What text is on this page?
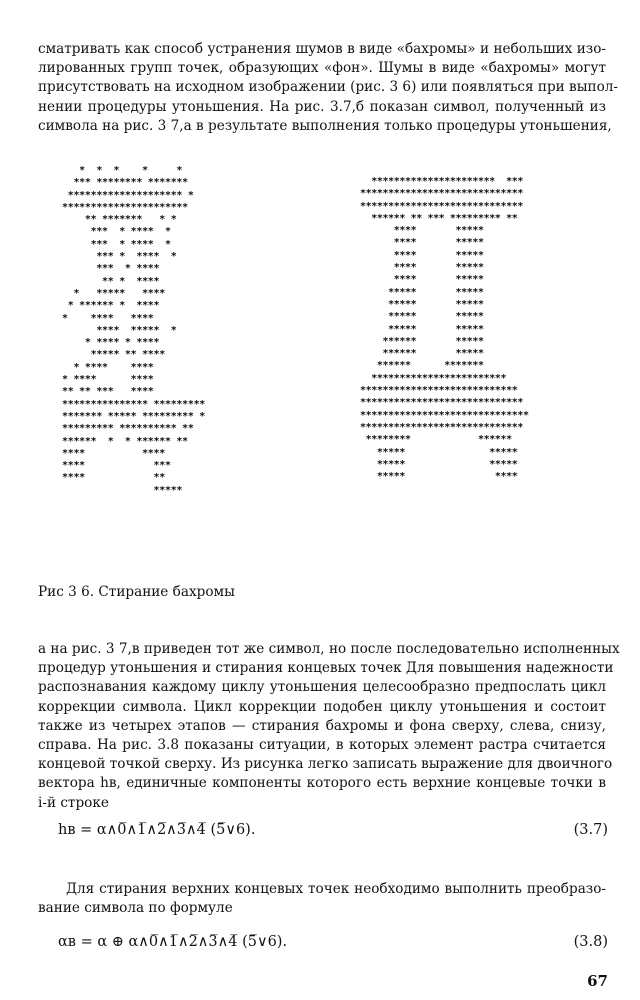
сматривать как способ устранения шумов в виде «бахромы» и небольших изо-
лированных групп точек, образующих «фон». Шумы в виде «бахромы» могут
присутствовать на исходном изображении (рис. 3 6) или появляться при выпол-
нении процедуры утоньшения. На рис. 3.7,б показан символ, полученный из
символа на рис. 3 7,а в результате выполнения только процедуры утоньшения,
*  *  *    *     *
*** ******** *******
******************** *
**********************
** *******   * *
***  * ****  *
***  * ****  *
*** *  ****  *
***  * ****
** *  ****
*   *****   ****
* ****** *  ****
*    ****   ****
****  *****  *
* **** * ****
***** ** ****
* ****    ****
* ****      ****
** ** ***   ****
*************** *********
******* ***** ********* *
********* ********** **
******  *  * ****** **
****          ****
****            ***
****            **
*****
**********************  ***
*****************************
*****************************
****** ** *** ********* **
****       *****
****       *****
****       *****
****       *****
****       *****
*****       *****
*****       *****
*****       *****
*****       *****
******       *****
******       *****
******      *******
************************
****************************
*****************************
******************************
*****************************
********            ******
*****               *****
*****               *****
*****                ****
Рис 3 6. Стирание бахромы
а на рис. 3 7,в приведен тот же символ, но после последовательно исполненных
процедур утоньшения и стирания концевых точек Для повышения надежности
распознавания каждому циклу утоньшения целесообразно предпослать цикл
коррекции символа. Цикл коррекции подобен циклу утоньшения и состоит
также из четырех этапов — стирания бахромы и фона сверху, слева, снизу,
справа. На рис. 3.8 показаны ситуации, в которых элемент растра считается
концевой точкой сверху. Из рисунка легко записать выражение для двоичного
вектора hв, единичные компоненты которого есть верхние концевые точки в
i-й строке
hв = α∧0̅∧1̅∧2̅∧3̅∧4̅ (5̅∨6).	(3.7)
Для стирания верхних концевых точек необходимо выполнить преобразо-
вание символа по формуле
αв = α ⊕ α∧0̅∧1̅∧2̅∧3̅∧4̅ (5̅∨6).	(3.8)
67
